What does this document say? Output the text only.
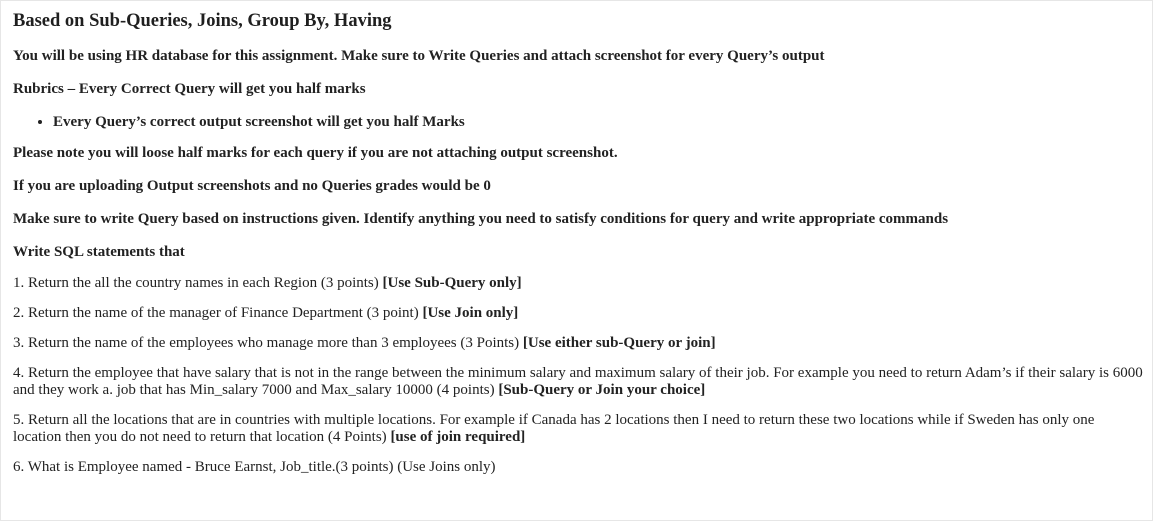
Based on Sub-Queries, Joins, Group By, Having

You will be using HR database for this assignment. Make sure to Write Queries and attach screenshot for every Query’s output

Rubrics – Every Correct Query will get you half marks

• Every Query’s correct output screenshot will get you half Marks

Please note you will loose half marks for each query if you are not attaching output screenshot.

If you are uploading Output screenshots and no Queries grades would be 0

Make sure to write Query based on instructions given. Identify anything you need to satisfy conditions for query and write appropriate commands

Write SQL statements that

1. Return the all the country names in each Region (3 points) [Use Sub-Query only]

2. Return the name of the manager of Finance Department (3 point) [Use Join only]

3. Return the name of the employees who manage more than 3 employees (3 Points) [Use either sub-Query or join]

4. Return the employee that have salary that is not in the range between the minimum salary and maximum salary of their job. For example you need to return Adam’s if their salary is 6000 and they work a. job that has Min_salary 7000 and Max_salary 10000 (4 points) [Sub-Query or Join your choice]

5. Return all the locations that are in countries with multiple locations. For example if Canada has 2 locations then I need to return these two locations while if Sweden has only one location then you do not need to return that location (4 Points) [use of join required]

6. What is Employee named - Bruce Earnst, Job_title.(3 points) (Use Joins only)
